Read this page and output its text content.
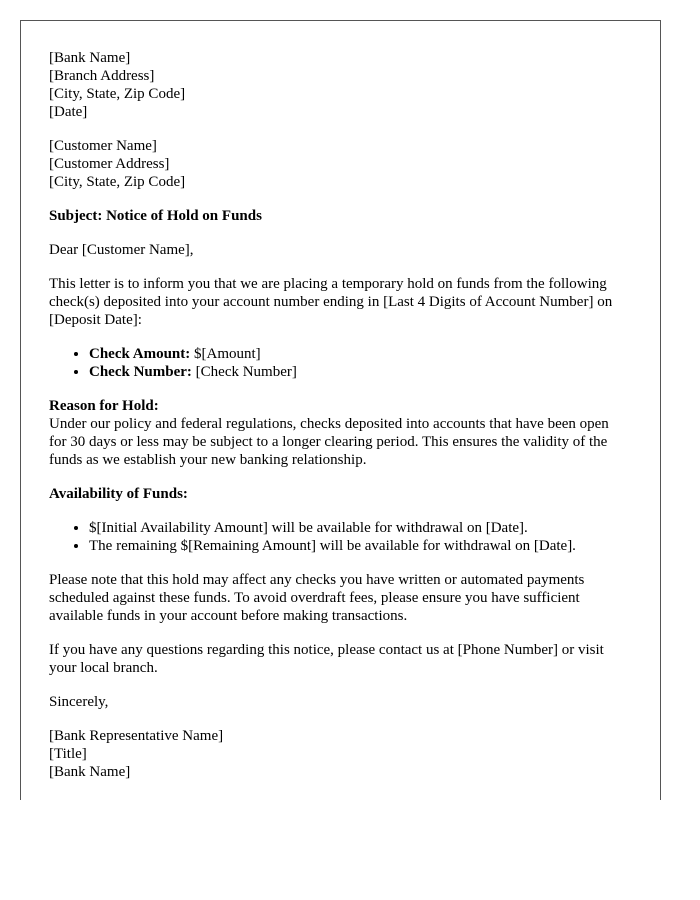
[Bank Name]
[Branch Address]
[City, State, Zip Code]
[Date]
[Customer Name]
[Customer Address]
[City, State, Zip Code]

Subject: Notice of Hold on Funds

Dear [Customer Name],

This letter is to inform you that we are placing a temporary hold on funds from the following check(s) deposited into your account number ending in [Last 4 Digits of Account Number] on [Deposit Date]:

• Check Amount: $[Amount]
• Check Number: [Check Number]

Reason for Hold:
Under our policy and federal regulations, checks deposited into accounts that have been open for 30 days or less may be subject to a longer clearing period. This ensures the validity of the funds as we establish your new banking relationship.

Availability of Funds:

• $[Initial Availability Amount] will be available for withdrawal on [Date].
• The remaining $[Remaining Amount] will be available for withdrawal on [Date].

Please note that this hold may affect any checks you have written or automated payments scheduled against these funds. To avoid overdraft fees, please ensure you have sufficient available funds in your account before making transactions.

If you have any questions regarding this notice, please contact us at [Phone Number] or visit your local branch.

Sincerely,

[Bank Representative Name]
[Title]
[Bank Name]
